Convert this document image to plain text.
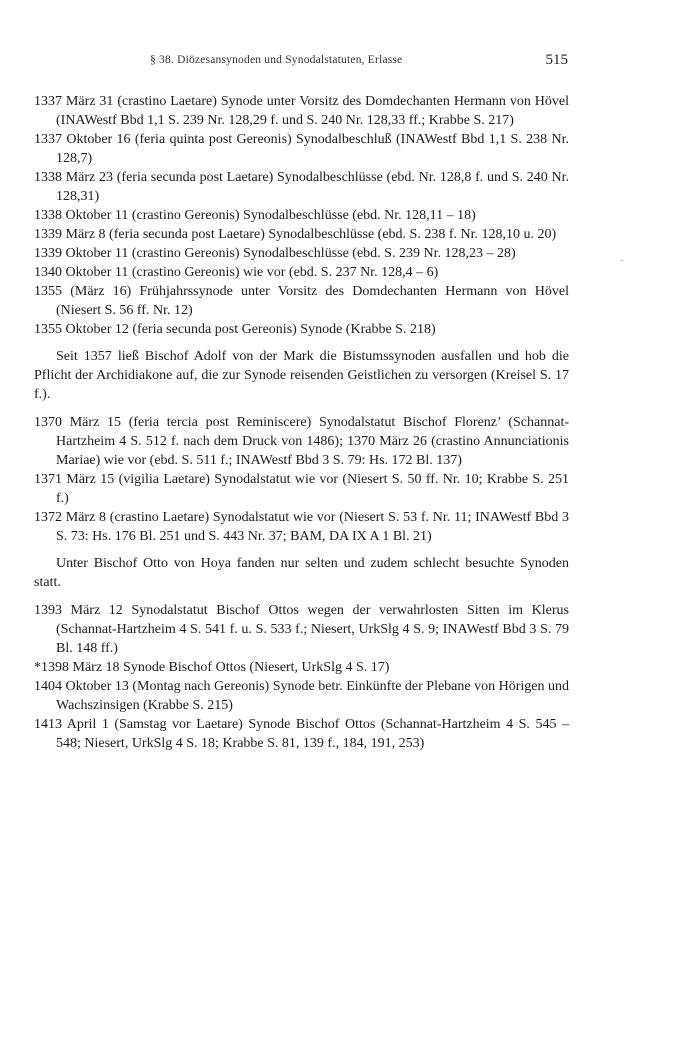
§ 38. Diözesansynoden und Synodalstatuten, Erlasse	515

1337 März 31 (crastino Laetare) Synode unter Vorsitz des Domdechanten Hermann von Hövel (INAWestf Bbd 1,1 S. 239 Nr. 128,29 f. und S. 240 Nr. 128,33 ff.; Krabbe S. 217)

1337 Oktober 16 (feria quinta post Gereonis) Synodalbeschluß (INAWestf Bbd 1,1 S. 238 Nr. 128,7)

1338 März 23 (feria secunda post Laetare) Synodalbeschlüsse (ebd. Nr. 128,8 f. und S. 240 Nr. 128,31)

1338 Oktober 11 (crastino Gereonis) Synodalbeschlüsse (ebd. Nr. 128,11 – 18)

1339 März 8 (feria secunda post Laetare) Synodalbeschlüsse (ebd. S. 238 f. Nr. 128,10 u. 20)

1339 Oktober 11 (crastino Gereonis) Synodalbeschlüsse (ebd. S. 239 Nr. 128,23 – 28)

1340 Oktober 11 (crastino Gereonis) wie vor (ebd. S. 237 Nr. 128,4 – 6)

1355 (März 16) Frühjahrssynode unter Vorsitz des Domdechanten Hermann von Hövel (Niesert S. 56 ff. Nr. 12)

1355 Oktober 12 (feria secunda post Gereonis) Synode (Krabbe S. 218)

Seit 1357 ließ Bischof Adolf von der Mark die Bistumssynoden ausfallen und hob die Pflicht der Archidiakone auf, die zur Synode reisenden Geistlichen zu versorgen (Kreisel S. 17 f.).

1370 März 15 (feria tercia post Reminiscere) Synodalstatut Bischof Florenz’ (Schannat-Hartzheim 4 S. 512 f. nach dem Druck von 1486); 1370 März 26 (crastino Annunciationis Mariae) wie vor (ebd. S. 511 f.; INAWestf Bbd 3 S. 79: Hs. 172 Bl. 137)

1371 März 15 (vigilia Laetare) Synodalstatut wie vor (Niesert S. 50 ff. Nr. 10; Krabbe S. 251 f.)

1372 März 8 (crastino Laetare) Synodalstatut wie vor (Niesert S. 53 f. Nr. 11; INAWestf Bbd 3 S. 73: Hs. 176 Bl. 251 und S. 443 Nr. 37; BAM, DA IX A 1 Bl. 21)

Unter Bischof Otto von Hoya fanden nur selten und zudem schlecht besuchte Synoden statt.

1393 März 12 Synodalstatut Bischof Ottos wegen der verwahrlosten Sitten im Klerus (Schannat-Hartzheim 4 S. 541 f. u. S. 533 f.; Niesert, UrkSlg 4 S. 9; INAWestf Bbd 3 S. 79 Bl. 148 ff.)

*1398 März 18 Synode Bischof Ottos (Niesert, UrkSlg 4 S. 17)

1404 Oktober 13 (Montag nach Gereonis) Synode betr. Einkünfte der Plebane von Hörigen und Wachszinsigen (Krabbe S. 215)

1413 April 1 (Samstag vor Laetare) Synode Bischof Ottos (Schannat-Hartzheim 4 S. 545 – 548; Niesert, UrkSlg 4 S. 18; Krabbe S. 81, 139 f., 184, 191, 253)
